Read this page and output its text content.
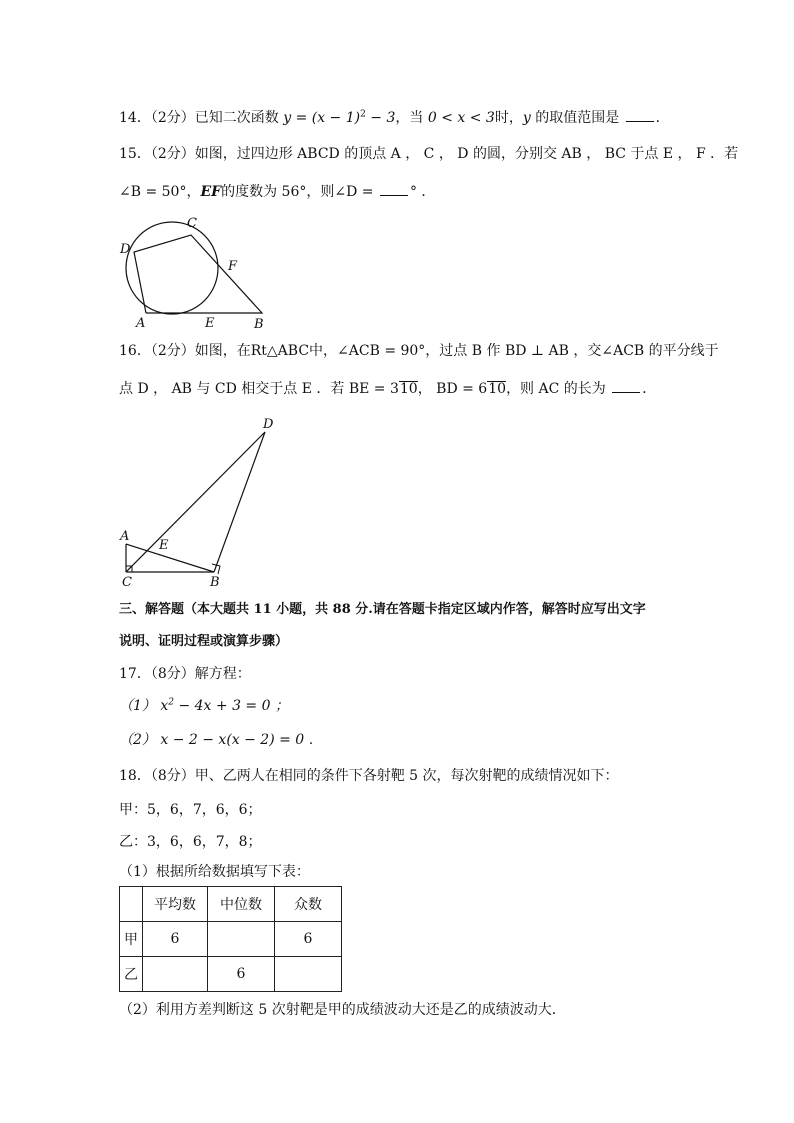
14．（2分）已知二次函数 $y = (x - 1)^2 - 3$，当 0 < x < 3时，y 的取值范围是 ．
15．（2分）如图，过四边形 ABCD 的顶点 A ， C ， D 的圆，分别交 AB ， BC 于点 E ， F ．若
∠B = 50°，EF的度数为 56°，则∠D = ° ．
C
D
F
A	E	B
16．（2分）如图，在Rt△ABC中，∠ACB = 90°，过点 B 作 BD ⊥ AB ，交∠ACB 的平分线于
点 D ， AB 与 CD 相交于点 E ．若 BE = 310， BD = 610，则 AC 的长为 ．
D
A
E
C	B
三、解答题（本大题共 11 小题，共 88 分.请在答题卡指定区域内作答，解答时应写出文字
说明、证明过程或演算步骤）
17．（8分）解方程：
（1） $x^2 - 4x + 3 = 0$ ；
（2） x − 2 − x(x − 2) = 0 ．
18．（8分）甲、乙两人在相同的条件下各射靶 5 次，每次射靶的成绩情况如下：
甲：5，6，7，6，6；
乙：3，6，6，7，8；
（1）根据所给数据填写下表：
	平均数	中位数	众数
甲	6		6
乙		6	
（2）利用方差判断这 5 次射靶是甲的成绩波动大还是乙的成绩波动大．
